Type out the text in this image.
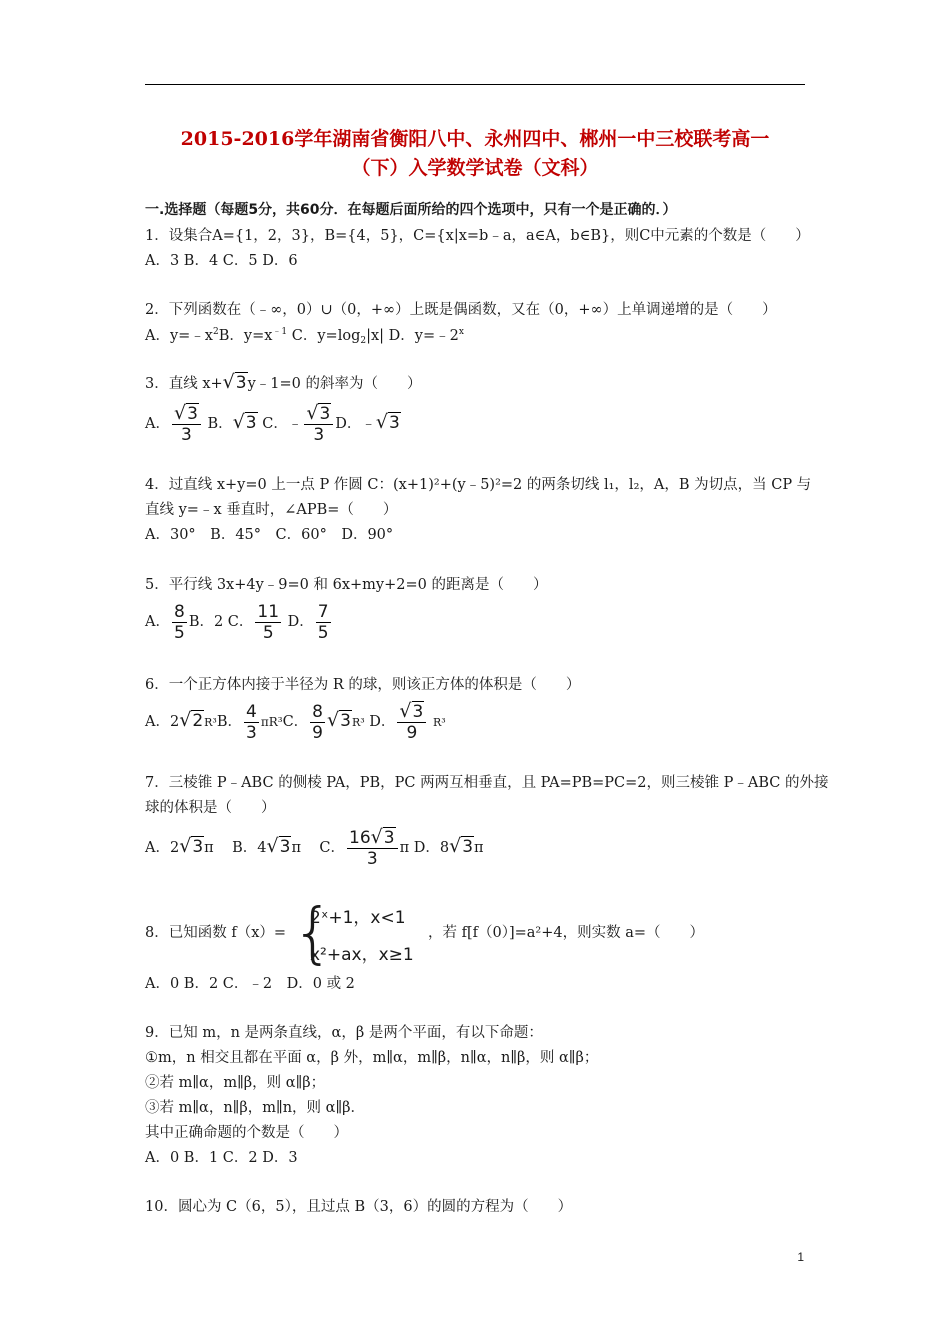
2015-2016学年湖南省衡阳八中、永州四中、郴州一中三校联考高一
（下）入学数学试卷（文科）
一.选择题（每题5分，共60分．在每题后面所给的四个选项中，只有一个是正确的．）
1．设集合A={1，2，3}，B={4，5}，C={x|x=b﹣a，a∈A，b∈B}，则C中元素的个数是（　　）
A．3 B．4 C．5 D．6
2．下列函数在（﹣∞，0）∪（0，+∞）上既是偶函数，又在（0，+∞）上单调递增的是（　　）
A．$y=﹣x^2B$．$y=x^{﹣1}$ C．$y=\log_2|x|$ D．$y=﹣2^x$
3．直线 x+√3y﹣1=0 的斜率为（　　）
A． $\frac{√3}{3}$ B．√3 C．﹣ $\frac{√3}{3}$ D．﹣√3
4．过直线 x+y=0 上一点 P 作圆 C：(x+1)²+(y﹣5)²=2 的两条切线 l₁，l₂，A，B 为切点，当 CP 与
直线 y=﹣x 垂直时，∠APB=（　　）
A．30°　B．45°　C．60°　D．90°
5．平行线 3x+4y﹣9=0 和 6x+my+2=0 的距离是（　　）
A． $\frac{8}{5}$ B．2 C． $\frac{11}{5}$ D． $\frac{7}{5}$
6．一个正方体内接于半径为 R 的球，则该正方体的体积是（　　）
A．2√2R³B． $\frac{4}{3} \pi R^3C$． $\frac{8}{9} √3R^3$ D． $\frac{√3}{9} R^3$
7．三棱锥 P﹣ABC 的侧棱 PA，PB，PC 两两互相垂直，且 PA=PB=PC=2，则三棱锥 P﹣ABC 的外接
球的体积是（　　）
A．2√3π B．4√3π C． $\frac{16√3}{3}$ π D．8√3π
8．已知函数 f（x）= {
2ˣ+1，x<1
x²+ax，x≥1
，若 f[f（0）]=a²+4，则实数 a=（　　）
A．0 B．2 C．﹣2　D．0 或 2
9．已知 m，n 是两条直线，α，β 是两个平面，有以下命题：
①m，n 相交且都在平面 α，β 外，m∥α，m∥β，n∥α，n∥β，则 α∥β；
②若 m∥α，m∥β，则 α∥β；
③若 m∥α，n∥β，m∥n，则 α∥β．
其中正确命题的个数是（　　）
A．0 B．1 C．2 D．3
10．圆心为 C（6，5），且过点 B（3，6）的圆的方程为（　　）
1
